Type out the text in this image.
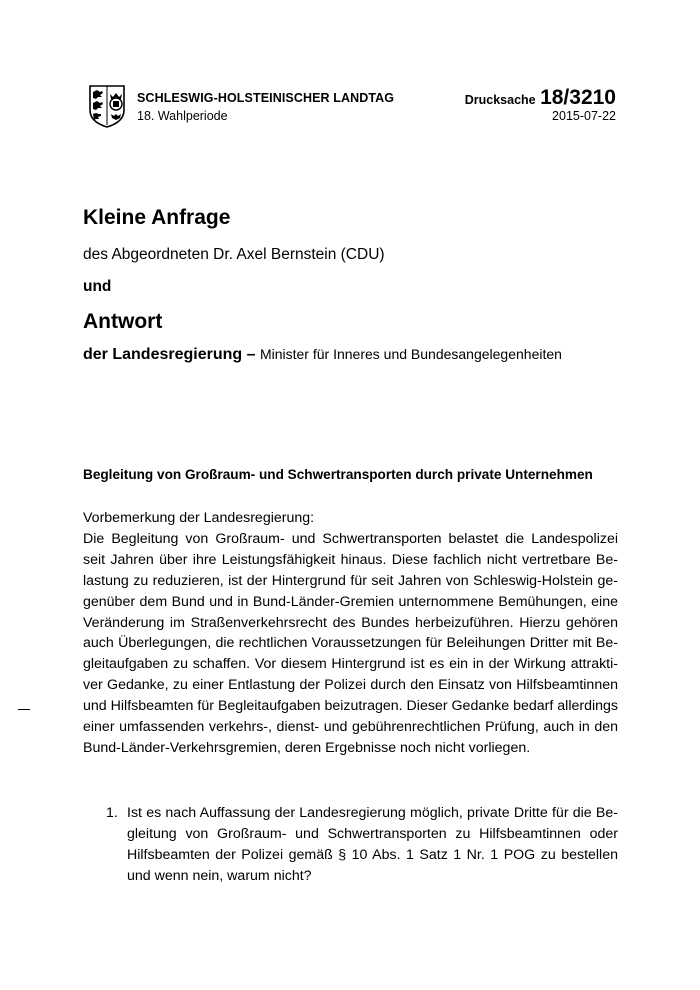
SCHLESWIG-HOLSTEINISCHER LANDTAG
18. Wahlperiode
Drucksache 18/3210
2015-07-22
Kleine Anfrage
des Abgeordneten Dr. Axel Bernstein (CDU)
und
Antwort
der Landesregierung – Minister für Inneres und Bundesangelegenheiten
Begleitung von Großraum- und Schwertransporten durch private Unternehmen
Vorbemerkung der Landesregierung:
Die Begleitung von Großraum- und Schwertransporten belastet die Landespolizei
seit Jahren über ihre Leistungsfähigkeit hinaus. Diese fachlich nicht vertretbare Be-
lastung zu reduzieren, ist der Hintergrund für seit Jahren von Schleswig-Holstein ge-
genüber dem Bund und in Bund-Länder-Gremien unternommene Bemühungen, eine
Veränderung im Straßenverkehrsrecht des Bundes herbeizuführen. Hierzu gehören
auch Überlegungen, die rechtlichen Voraussetzungen für Beleihungen Dritter mit Be-
gleitaufgaben zu schaffen. Vor diesem Hintergrund ist es ein in der Wirkung attrakti-
ver Gedanke, zu einer Entlastung der Polizei durch den Einsatz von Hilfsbeamtinnen
und Hilfsbeamten für Begleitaufgaben beizutragen. Dieser Gedanke bedarf allerdings
einer umfassenden verkehrs-, dienst- und gebührenrechtlichen Prüfung, auch in den
Bund-Länder-Verkehrsgremien, deren Ergebnisse noch nicht vorliegen.
1. Ist es nach Auffassung der Landesregierung möglich, private Dritte für die Be-
gleitung von Großraum- und Schwertransporten zu Hilfsbeamtinnen oder
Hilfsbeamten der Polizei gemäß § 10 Abs. 1 Satz 1 Nr. 1 POG zu bestellen
und wenn nein, warum nicht?
